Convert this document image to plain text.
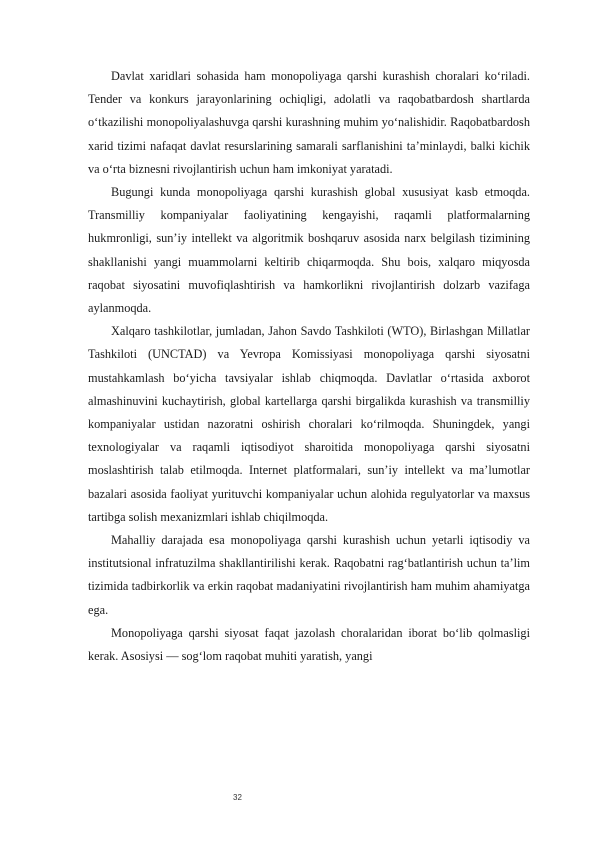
Davlat xaridlari sohasida ham monopoliyaga qarshi kurashish choralari ko‘riladi. Tender va konkurs jarayonlarining ochiqligi, adolatli va raqobatbardosh shartlarda o‘tkazilishi monopoliyalashuvga qarshi kurashning muhim yo‘nalishidir. Raqobatbardosh xarid tizimi nafaqat davlat resurslarining samarali sarflanishini ta’minlaydi, balki kichik va o‘rta biznesni rivojlantirish uchun ham imkoniyat yaratadi.

Bugungi kunda monopoliyaga qarshi kurashish global xususiyat kasb etmoqda. Transmilliy kompaniyalar faoliyatining kengayishi, raqamli platformalarning hukmronligi, sun’iy intellekt va algoritmik boshqaruv asosida narx belgilash tizimining shakllanishi yangi muammolarni keltirib chiqarmoqda. Shu bois, xalqaro miqyosda raqobat siyosatini muvofiqlashtirish va hamkorlikni rivojlantirish dolzarb vazifaga aylanmoqda.

Xalqaro tashkilotlar, jumladan, Jahon Savdo Tashkiloti (WTO), Birlashgan Millatlar Tashkiloti (UNCTAD) va Yevropa Komissiyasi monopoliyaga qarshi siyosatni mustahkamlash bo‘yicha tavsiyalar ishlab chiqmoqda. Davlatlar o‘rtasida axborot almashinuvini kuchaytirish, global kartellarga qarshi birgalikda kurashish va transmilliy kompaniyalar ustidan nazoratni oshirish choralari ko‘rilmoqda. Shuningdek, yangi texnologiyalar va raqamli iqtisodiyot sharoitida monopoliyaga qarshi siyosatni moslashtirish talab etilmoqda. Internet platformalari, sun’iy intellekt va ma’lumotlar bazalari asosida faoliyat yurituvchi kompaniyalar uchun alohida regulyatorlar va maxsus tartibga solish mexanizmlari ishlab chiqilmoqda.

Mahalliy darajada esa monopoliyaga qarshi kurashish uchun yetarli iqtisodiy va institutsional infratuzilma shakllantirilishi kerak. Raqobatni rag‘batlantirish uchun ta’lim tizimida tadbirkorlik va erkin raqobat madaniyatini rivojlantirish ham muhim ahamiyatga ega.

Monopoliyaga qarshi siyosat faqat jazolash choralaridan iborat bo‘lib qolmasligi kerak. Asosiysi — sog‘lom raqobat muhiti yaratish, yangi

32
